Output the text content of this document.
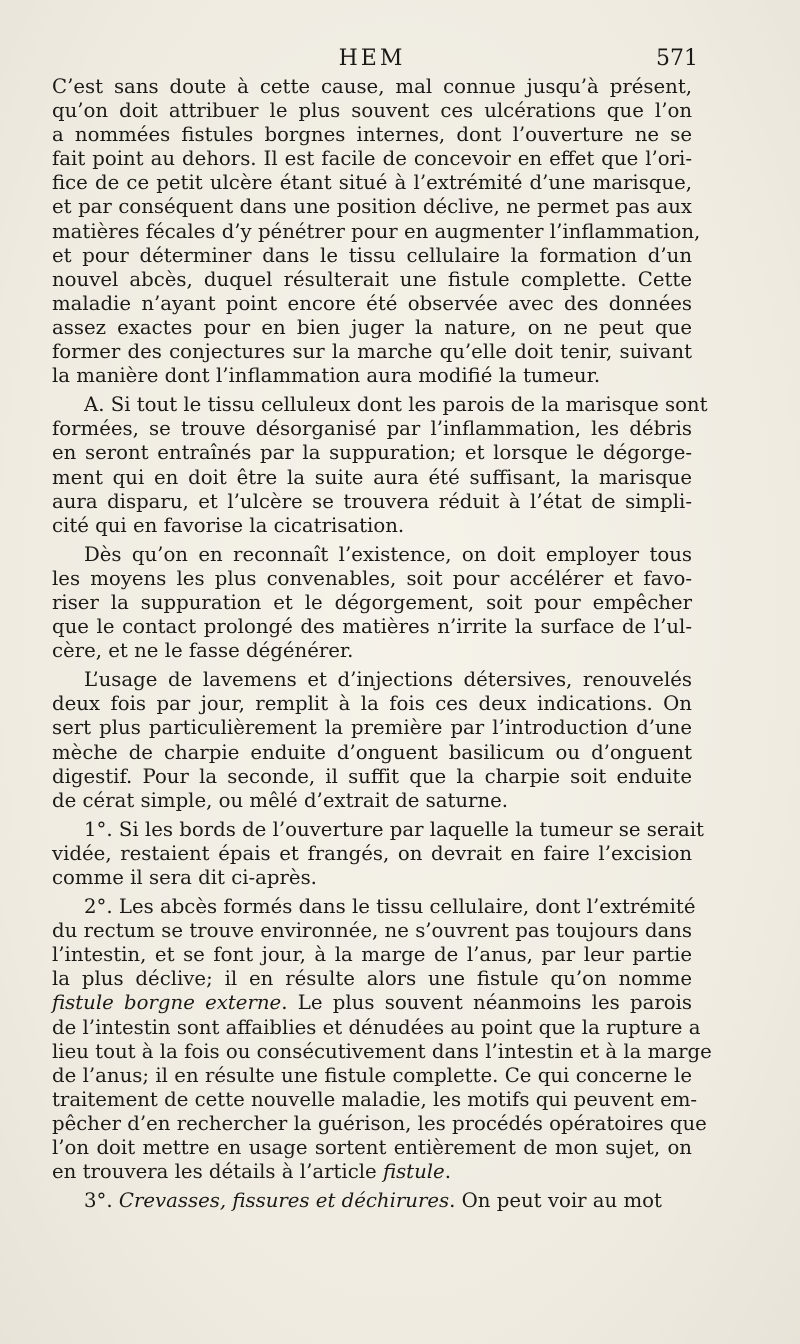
HEM	571

C’est sans doute à cette cause, mal connue jusqu’à présent,
qu’on doit attribuer le plus souvent ces ulcérations que l’on
a nommées fistules borgnes internes, dont l’ouverture ne se
fait point au dehors. Il est facile de concevoir en effet que l’ori-
fice de ce petit ulcère étant situé à l’extrémité d’une marisque,
et par conséquent dans une position déclive, ne permet pas aux
matières fécales d’y pénétrer pour en augmenter l’inflammation,
et pour déterminer dans le tissu cellulaire la formation d’un
nouvel abcès, duquel résulterait une fistule complette. Cette
maladie n’ayant point encore été observée avec des données
assez exactes pour en bien juger la nature, on ne peut que
former des conjectures sur la marche qu’elle doit tenir, suivant
la manière dont l’inflammation aura modifié la tumeur.

A. Si tout le tissu celluleux dont les parois de la marisque sont
formées, se trouve désorganisé par l’inflammation, les débris
en seront entraînés par la suppuration; et lorsque le dégorge-
ment qui en doit être la suite aura été suffisant, la marisque
aura disparu, et l’ulcère se trouvera réduit à l’état de simpli-
cité qui en favorise la cicatrisation.

Dès qu’on en reconnaît l’existence, on doit employer tous
les moyens les plus convenables, soit pour accélérer et favo-
riser la suppuration et le dégorgement, soit pour empêcher
que le contact prolongé des matières n’irrite la surface de l’ul-
cère, et ne le fasse dégénérer.

L’usage de lavemens et d’injections détersives, renouvelés
deux fois par jour, remplit à la fois ces deux indications. On
sert plus particulièrement la première par l’introduction d’une
mèche de charpie enduite d’onguent basilicum ou d’onguent
digestif. Pour la seconde, il suffit que la charpie soit enduite
de cérat simple, ou mêlé d’extrait de saturne.

1°. Si les bords de l’ouverture par laquelle la tumeur se serait
vidée, restaient épais et frangés, on devrait en faire l’excision
comme il sera dit ci-après.

2°. Les abcès formés dans le tissu cellulaire, dont l’extrémité
du rectum se trouve environnée, ne s’ouvrent pas toujours dans
l’intestin, et se font jour, à la marge de l’anus, par leur partie
la plus déclive; il en résulte alors une fistule qu’on nomme
fistule borgne externe. Le plus souvent néanmoins les parois
de l’intestin sont affaiblies et dénudées au point que la rupture a
lieu tout à la fois ou consécutivement dans l’intestin et à la marge
de l’anus; il en résulte une fistule complette. Ce qui concerne le
traitement de cette nouvelle maladie, les motifs qui peuvent em-
pêcher d’en rechercher la guérison, les procédés opératoires que
l’on doit mettre en usage sortent entièrement de mon sujet, on
en trouvera les détails à l’article fistule.

3°. Crevasses, fissures et déchirures. On peut voir au mot
